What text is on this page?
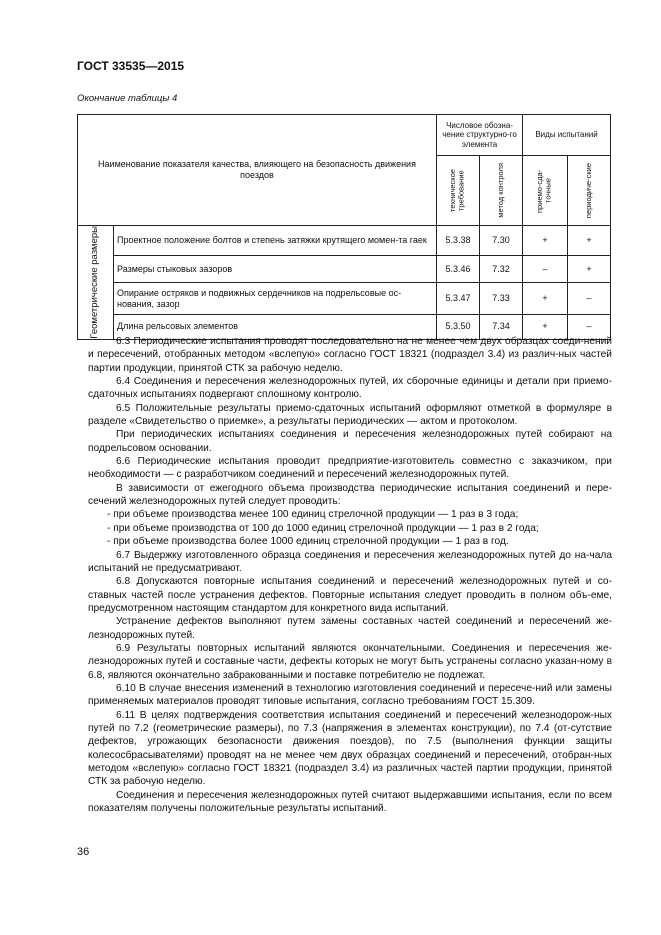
ГОСТ 33535—2015
Окончание таблицы 4
Наименование показателя качества, влияющего на безопасность движения поездов		Числовое обозна-чение структурно-го элемента		Виды испытаний	

		техническое требование	метод контроля	приемо-сда-точные	периодиче-ские

Геометрические размеры	Проектное положение болтов и степень затяжки крутящего момен-та гаек	5.3.38	7.30	+	+
	Размеры стыковых зазоров	5.3.46	7.32	–	+
	Опирание остряков и подвижных сердечников на подрельсовые ос-нования, зазор	5.3.47	7.33	+	–
	Длина рельсовых элементов	5.3.50	7.34	+	–

6.3 Периодические испытания проводят последовательно на не менее чем двух образцах соеди-нений и пересечений, отобранных методом «вслепую» согласно ГОСТ 18321 (подраздел 3.4) из различ-ных частей партии продукции, принятой СТК за рабочую неделю.

6.4 Соединения и пересечения железнодорожных путей, их сборочные единицы и детали при приемо-сдаточных испытаниях подвергают сплошному контролю.

6.5 Положительные результаты приемо-сдаточных испытаний оформляют отметкой в формуляре в разделе «Свидетельство о приемке», а результаты периодических — актом и протоколом.

При периодических испытаниях соединения и пересечения железнодорожных путей собирают на подрельсовом основании.

6.6 Периодические испытания проводит предприятие-изготовитель совместно с заказчиком, при необходимости — с разработчиком соединений и пересечений железнодорожных путей.

В зависимости от ежегодного объема производства периодические испытания соединений и пере-сечений железнодорожных путей следует проводить:

- при объеме производства менее 100 единиц стрелочной продукции — 1 раз в 3 года;

- при объеме производства от 100 до 1000 единиц стрелочной продукции — 1 раз в 2 года;

- при объеме производства более 1000 единиц стрелочной продукции — 1 раз в год.

6.7 Выдержку изготовленного образца соединения и пересечения железнодорожных путей до на-чала испытаний не предусматривают.

6.8 Допускаются повторные испытания соединений и пересечений железнодорожных путей и со-ставных частей после устранения дефектов. Повторные испытания следует проводить в полном объ-еме, предусмотренном настоящим стандартом для конкретного вида испытаний.

Устранение дефектов выполняют путем замены составных частей соединений и пересечений же-лезнодорожных путей.

6.9 Результаты повторных испытаний являются окончательными. Соединения и пересечения же-лезнодорожных путей и составные части, дефекты которых не могут быть устранены согласно указан-ному в 6.8, являются окончательно забракованными и поставке потребителю не подлежат.

6.10 В случае внесения изменений в технологию изготовления соединений и пересече-ний или замены применяемых материалов проводят типовые испытания, согласно требованиям ГОСТ 15.309.

6.11 В целях подтверждения соответствия испытания соединений и пересечений железнодорож-ных путей по 7.2 (геометрические размеры), по 7.3 (напряжения в элементах конструкции), по 7.4 (от-сутствие дефектов, угрожающих безопасности движения поездов), по 7.5 (выполнения функции защиты колесосбрасывателями) проводят на не менее чем двух образцах соединений и пересечений, отобран-ных методом «вслепую» согласно ГОСТ 18321 (подраздел 3.4) из различных частей партии продукции, принятой СТК за рабочую неделю.

Соединения и пересечения железнодорожных путей считают выдержавшими испытания, если по всем показателям получены положительные результаты испытаний.

36
